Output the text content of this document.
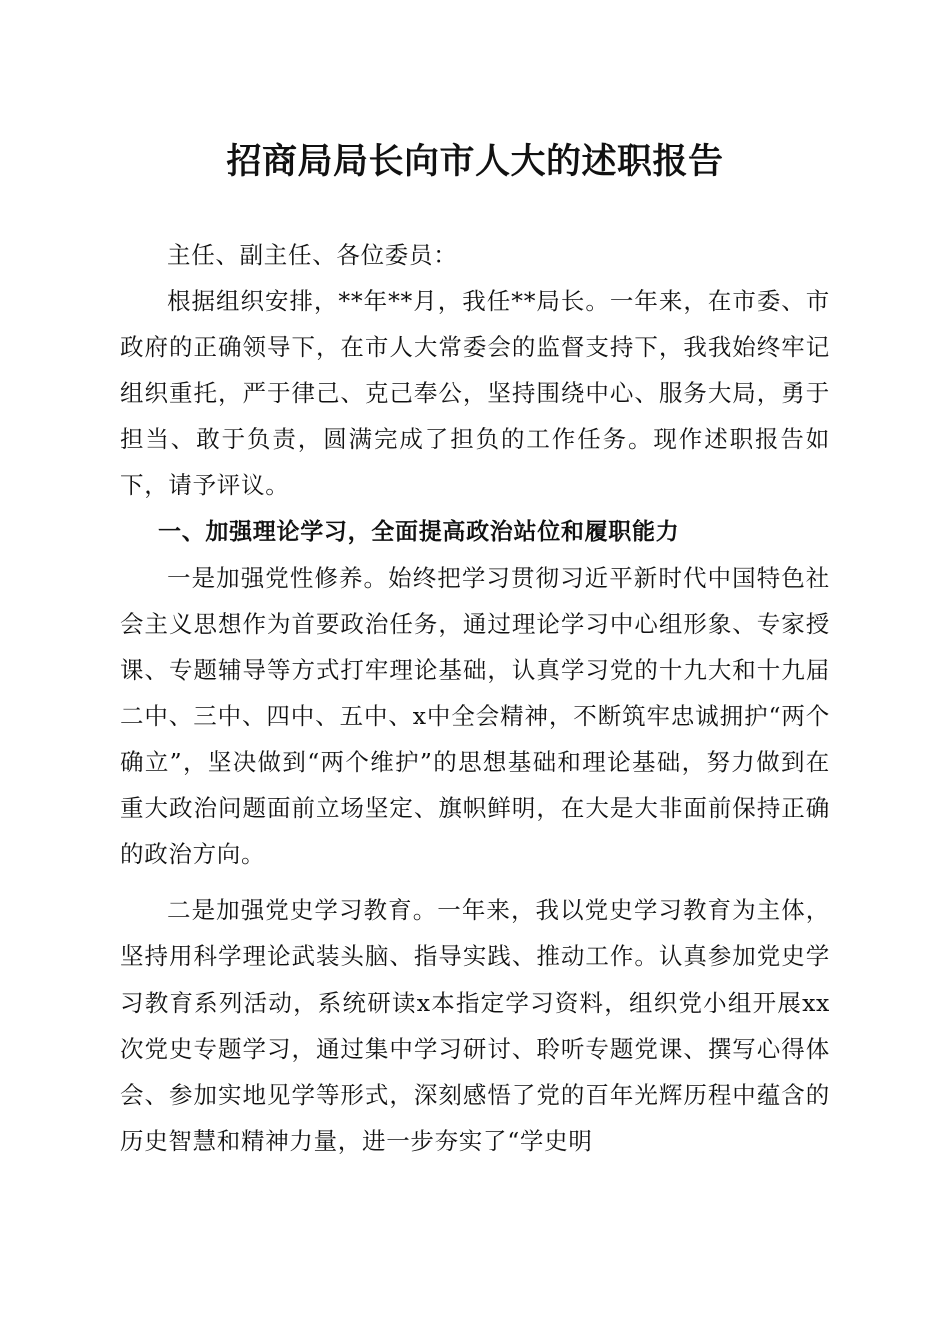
招商局局长向市人大的述职报告

主任、副主任、各位委员：

根据组织安排，**年**月，我任**局长。一年来，在市委、市政府的正确领导下，在市人大常委会的监督支持下，我我始终牢记组织重托，严于律己、克己奉公，坚持围绕中心、服务大局，勇于担当、敢于负责，圆满完成了担负的工作任务。现作述职报告如下，请予评议。

一、加强理论学习，全面提高政治站位和履职能力

一是加强党性修养。始终把学习贯彻习近平新时代中国特色社会主义思想作为首要政治任务，通过理论学习中心组形象、专家授课、专题辅导等方式打牢理论基础，认真学习党的十九大和十九届二中、三中、四中、五中、x中全会精神，不断筑牢忠诚拥护“两个确立”，坚决做到“两个维护”的思想基础和理论基础，努力做到在重大政治问题面前立场坚定、旗帜鲜明，在大是大非面前保持正确的政治方向。

二是加强党史学习教育。一年来，我以党史学习教育为主体，坚持用科学理论武装头脑、指导实践、推动工作。认真参加党史学习教育系列活动，系统研读x本指定学习资料，组织党小组开展xx次党史专题学习，通过集中学习研讨、聆听专题党课、撰写心得体会、参加实地见学等形式，深刻感悟了党的百年光辉历程中蕴含的历史智慧和精神力量，进一步夯实了“学史明
